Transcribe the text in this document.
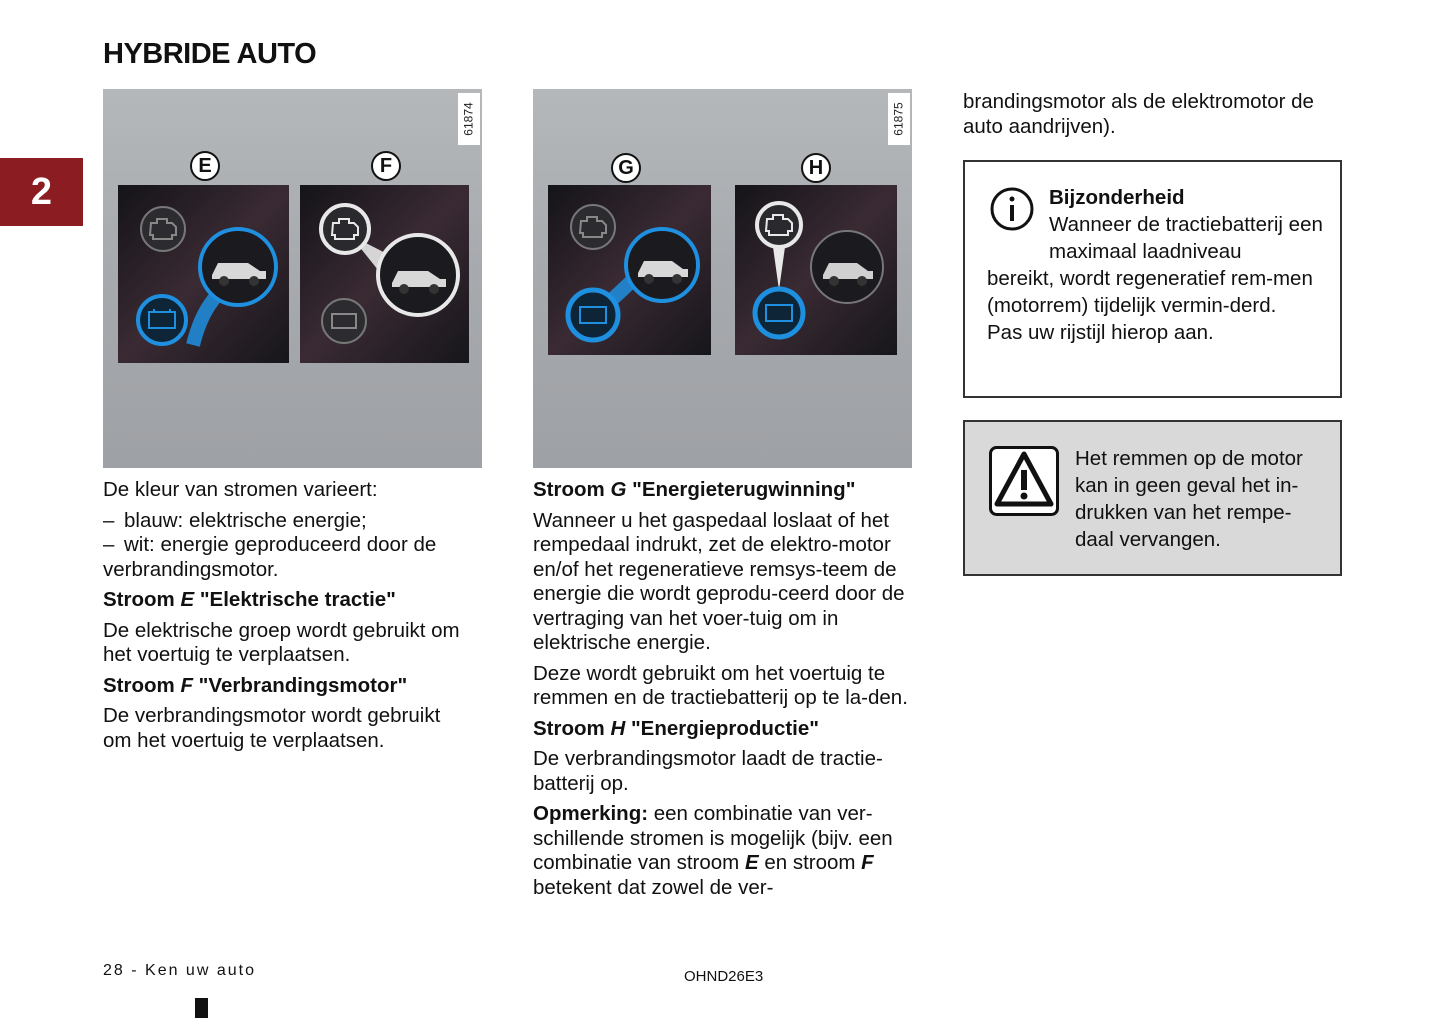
HYBRIDE AUTO
2
61874
E	F
61875
G	H

De kleur van stromen varieert:

– blauw: elektrische energie;
– wit: energie geproduceerd door de

verbrandingsmotor.

Stroom E "Elektrische tractie"

De elektrische groep wordt gebruikt om het voertuig te verplaatsen.

Stroom F "Verbrandingsmotor"

De verbrandingsmotor wordt gebruikt om het voertuig te verplaatsen.

Stroom G "Energieterugwinning"

Wanneer u het gaspedaal loslaat of het rempedaal indrukt, zet de elektro-motor en/of het regeneratieve remsys-teem de energie die wordt geprodu-ceerd door de vertraging van het voer-tuig om in elektrische energie.

Deze wordt gebruikt om het voertuig te remmen en de tractiebatterij op te la-den.

Stroom H "Energieproductie"

De verbrandingsmotor laadt de tractie-batterij op.

Opmerking: een combinatie van ver-schillende stromen is mogelijk (bijv. een combinatie van stroom E en stroom F betekent dat zowel de ver-

brandingsmotor als de elektromotor de auto aandrijven).

Bijzonderheid

Wanneer de tractiebatterij een maximaal laadniveau

bereikt, wordt regeneratief rem-men (motorrem) tijdelijk vermin-derd.

Pas uw rijstijl hierop aan.

Het remmen op de motor kan in geen geval het in-drukken van het rempe-daal vervangen.

28 - Ken uw auto	OHND26E3
